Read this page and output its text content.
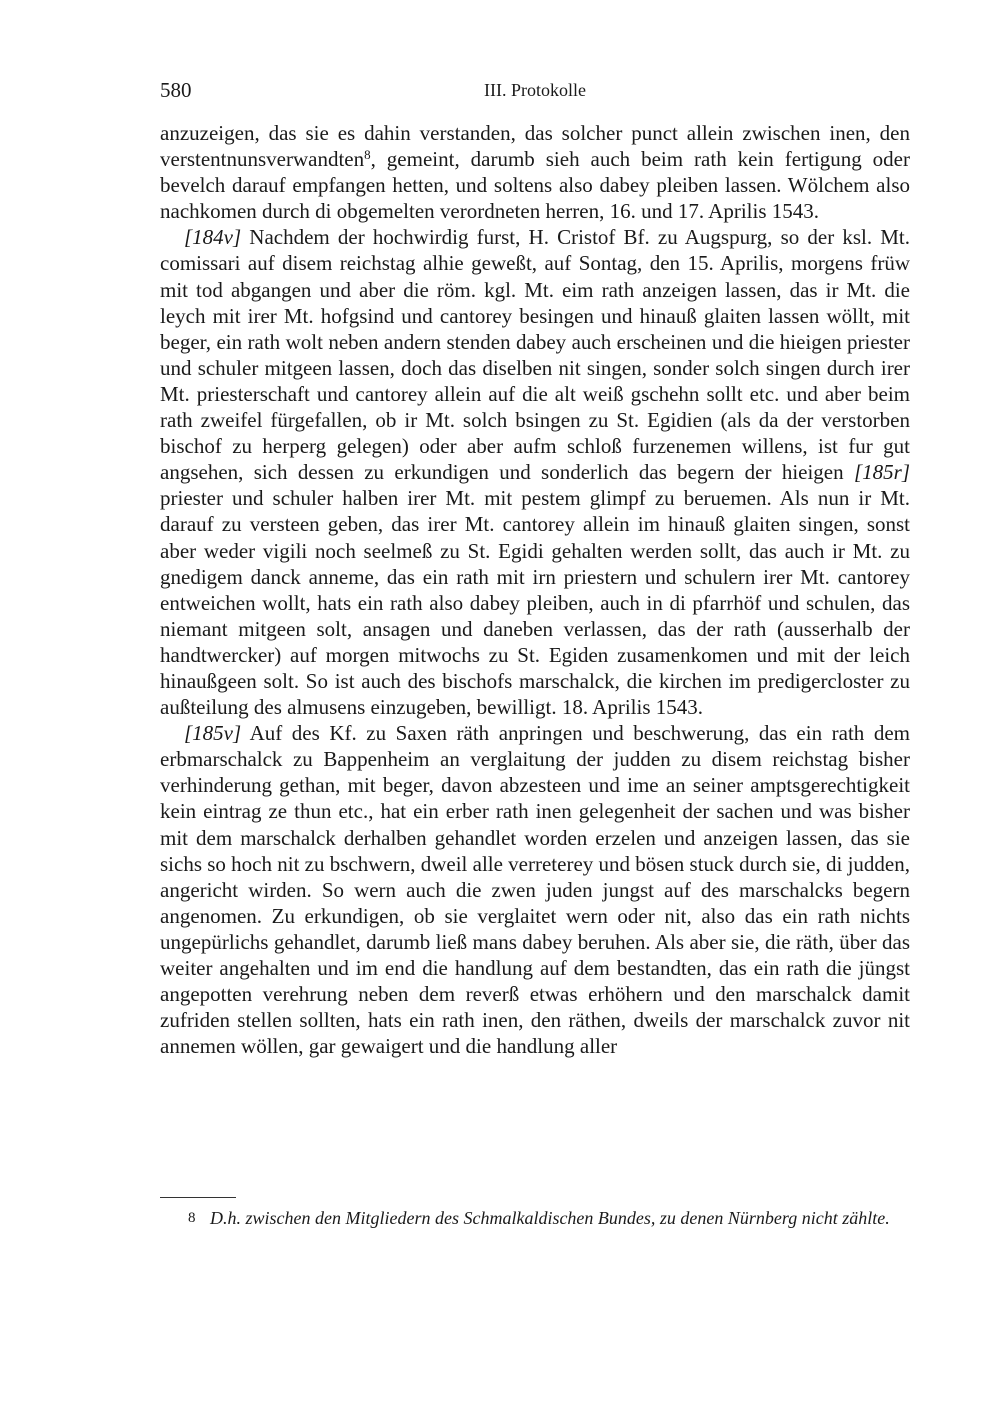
580	III. Protokolle

anzuzeigen, das sie es dahin verstanden, das solcher punct allein zwischen inen, den verstentnunsverwandten$^8$, gemeint, darumb sieh auch beim rath kein fertigung oder bevelch darauf empfangen hetten, und soltens also dabey pleiben lassen. Wölchem also nachkomen durch di obgemelten verordneten herren, 16. und 17. Aprilis 1543.

[184v] Nachdem der hochwirdig furst, H. Cristof Bf. zu Augspurg, so der ksl. Mt. comissari auf disem reichstag alhie geweßt, auf Sontag, den 15. Aprilis, morgens früw mit tod abgangen und aber die röm. kgl. Mt. eim rath anzeigen lassen, das ir Mt. die leych mit irer Mt. hofgsind und cantorey besingen und hinauß glaiten lassen wöllt, mit beger, ein rath wolt neben andern stenden dabey auch erscheinen und die hieigen priester und schuler mitgeen lassen, doch das diselben nit singen, sonder solch singen durch irer Mt. priesterschaft und cantorey allein auf die alt weiß gschehn sollt etc. und aber beim rath zweifel fürgefallen, ob ir Mt. solch bsingen zu St. Egidien (als da der verstorben bischof zu herperg gelegen) oder aber aufm schloß furzenemen willens, ist fur gut angsehen, sich dessen zu erkundigen und sonderlich das begern der hieigen [185r] priester und schuler halben irer Mt. mit pestem glimpf zu beruemen. Als nun ir Mt. darauf zu versteen geben, das irer Mt. cantorey allein im hinauß glaiten singen, sonst aber weder vigili noch seelmeß zu St. Egidi gehalten werden sollt, das auch ir Mt. zu gnedigem danck anneme, das ein rath mit irn priestern und schulern irer Mt. cantorey entweichen wollt, hats ein rath also dabey pleiben, auch in di pfarrhöf und schulen, das niemant mitgeen solt, ansagen und daneben verlassen, das der rath (ausserhalb der handtwercker) auf morgen mitwochs zu St. Egiden zusamenkomen und mit der leich hinaußgeen solt. So ist auch des bischofs marschalck, die kirchen im predigercloster zu außteilung des almusens einzugeben, bewilligt. 18. Aprilis 1543.

[185v] Auf des Kf. zu Saxen räth anpringen und beschwerung, das ein rath dem erbmarschalck zu Bappenheim an verglaitung der judden zu disem reichstag bisher verhinderung gethan, mit beger, davon abzesteen und ime an seiner amptsgerechtigkeit kein eintrag ze thun etc., hat ein erber rath inen gelegenheit der sachen und was bisher mit dem marschalck derhalben gehandlet worden erzelen und anzeigen lassen, das sie sichs so hoch nit zu bschwern, dweil alle verreterey und bösen stuck durch sie, di judden, angericht wirden. So wern auch die zwen juden jungst auf des marschalcks begern angenomen. Zu erkundigen, ob sie verglaitet wern oder nit, also das ein rath nichts ungepürlichs gehandlet, darumb ließ mans dabey beruhen. Als aber sie, die räth, über das weiter angehalten und im end die handlung auf dem bestandten, das ein rath die jüngst angepotten verehrung neben dem reverß etwas erhöhern und den marschalck damit zufriden stellen sollten, hats ein rath inen, den räthen, dweils der marschalck zuvor nit annemen wöllen, gar gewaigert und die handlung aller

8 D.h. zwischen den Mitgliedern des Schmalkaldischen Bundes, zu denen Nürnberg nicht zählte.
